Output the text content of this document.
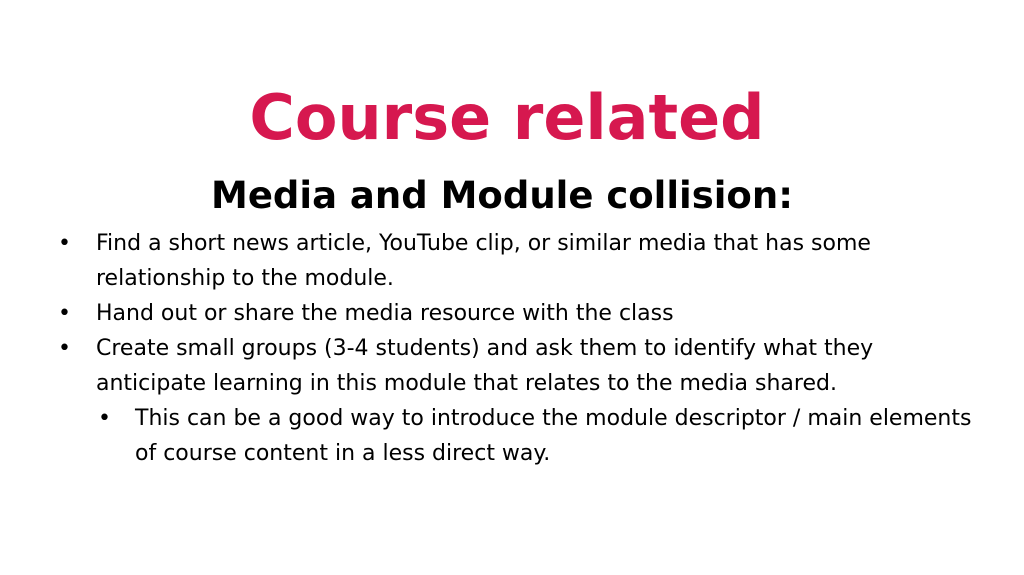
Course related
Media and Module collision:
• Find a short news article, YouTube clip, or similar media that has some relationship to the module.
• Hand out or share the media resource with the class
• Create small groups (3-4 students) and ask them to identify what they anticipate learning in this module that relates to the media shared.
• This can be a good way to introduce the module descriptor / main elements of course content in a less direct way.
